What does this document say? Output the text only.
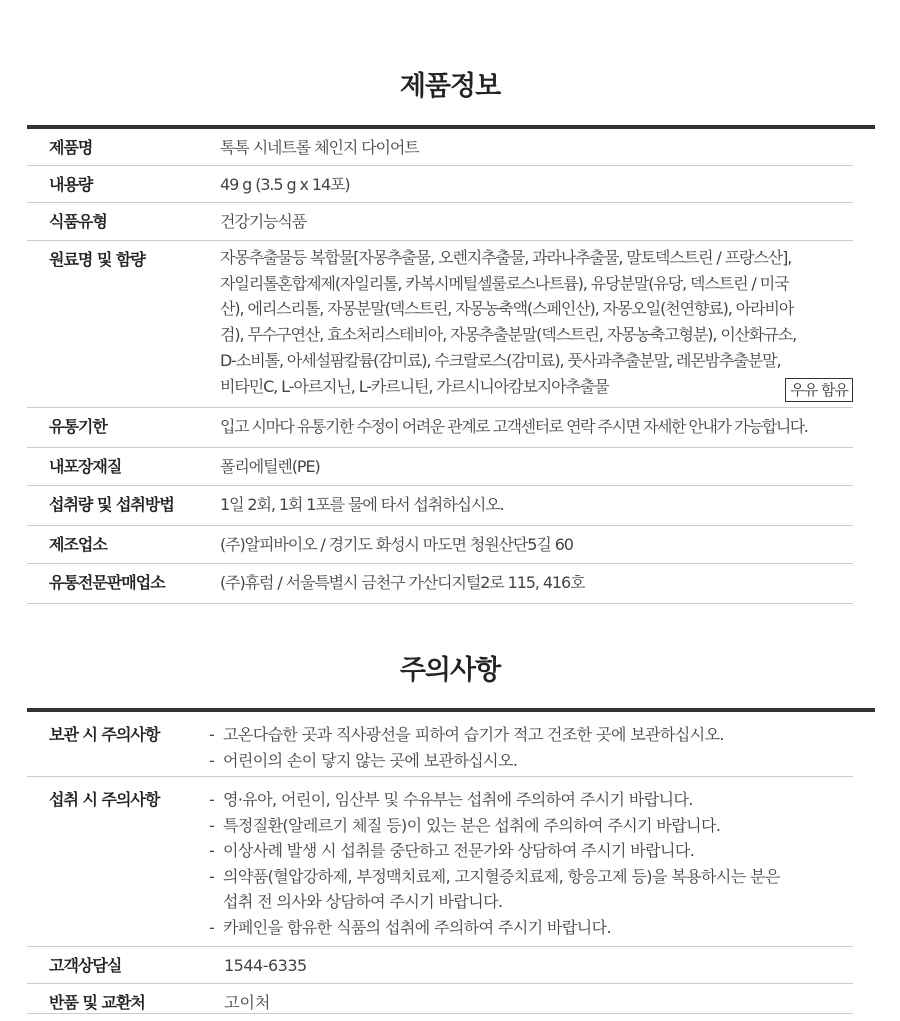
제품정보
제품명	톡톡 시네트롤 체인지 다이어트
내용량	49 g (3.5 g x 14포)
식품유형	건강기능식품
원료명 및 함량	자몽추출물등 복합물[자몽추출물, 오렌지추출물, 과라나추출물, 말토덱스트린 / 프랑스산],
자일리톨혼합제제(자일리톨, 카복시메틸셀룰로스나트륨), 유당분말(유당, 덱스트린 / 미국
산), 에리스리톨, 자몽분말(덱스트린, 자몽농축액(스페인산), 자몽오일(천연향료), 아라비아
검), 무수구연산, 효소처리스테비아, 자몽추출분말(덱스트린, 자몽농축고형분), 이산화규소,
D-소비톨, 아세설팜칼륨(감미료), 수크랄로스(감미료), 풋사과추출분말, 레몬밤추출분말,
비타민C, L-아르지닌, L-카르니틴, 가르시니아캄보지아추출물	우유 함유
유통기한	입고 시마다 유통기한 수정이 어려운 관계로 고객센터로 연락 주시면 자세한 안내가 가능합니다.
내포장재질	폴리에틸렌(PE)
섭취량 및 섭취방법	1일 2회, 1회 1포를 물에 타서 섭취하십시오.
제조업소	(주)알피바이오 / 경기도 화성시 마도면 청원산단5길 60
유통전문판매업소	(주)휴럼 / 서울특별시 금천구 가산디지털2로 115, 416호
주의사항
보관 시 주의사항	- 고온다습한 곳과 직사광선을 피하여 습기가 적고 건조한 곳에 보관하십시오.
- 어린이의 손이 닿지 않는 곳에 보관하십시오.
섭취 시 주의사항	- 영·유아, 어린이, 임산부 및 수유부는 섭취에 주의하여 주시기 바랍니다.
- 특정질환(알레르기 체질 등)이 있는 분은 섭취에 주의하여 주시기 바랍니다.
- 이상사례 발생 시 섭취를 중단하고 전문가와 상담하여 주시기 바랍니다.
- 의약품(혈압강하제, 부정맥치료제, 고지혈증치료제, 항응고제 등)을 복용하시는 분은
섭취 전 의사와 상담하여 주시기 바랍니다.
- 카페인을 함유한 식품의 섭취에 주의하여 주시기 바랍니다.
고객상담실	1544-6335
반품 및 교환처	고이처
